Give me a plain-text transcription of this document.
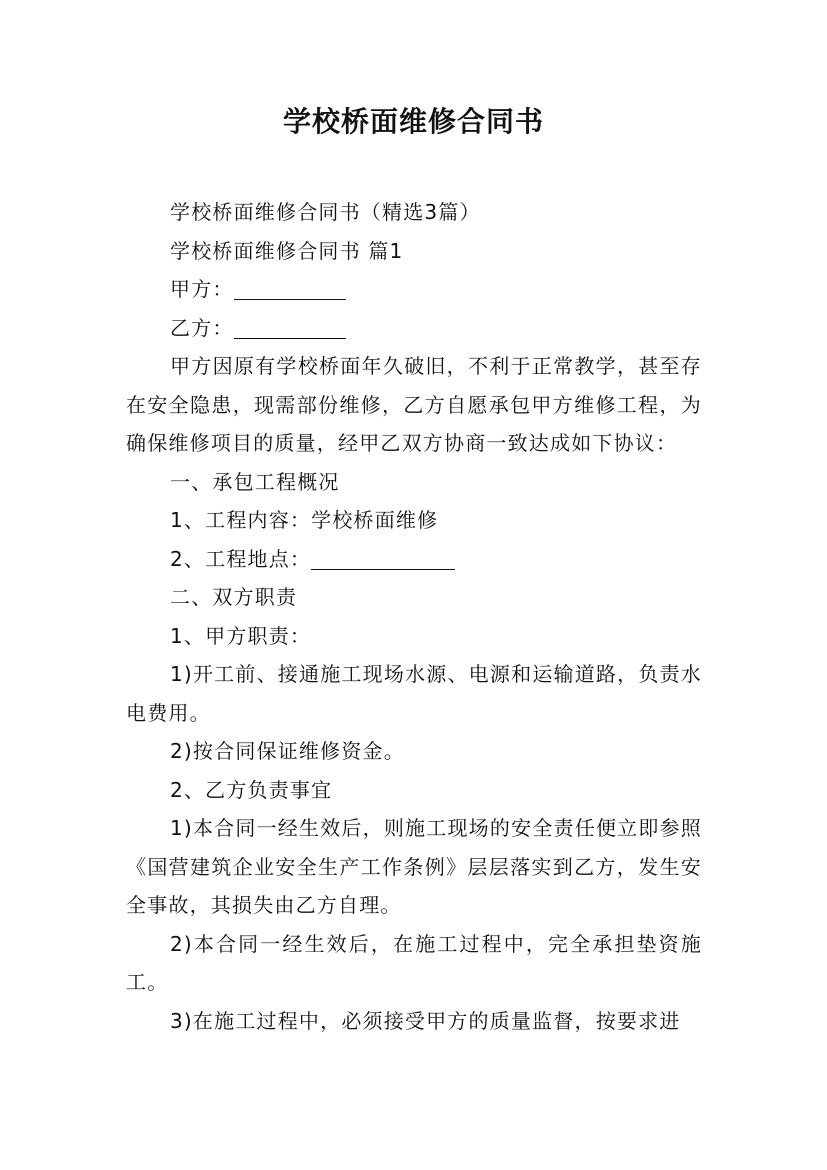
学校桥面维修合同书

学校桥面维修合同书（精选3篇）

学校桥面维修合同书 篇1

甲方：

乙方：

甲方因原有学校桥面年久破旧，不利于正常教学，甚至存在安全隐患，现需部份维修，乙方自愿承包甲方维修工程，为确保维修项目的质量，经甲乙双方协商一致达成如下协议：

一、承包工程概况

1、工程内容：学校桥面维修

2、工程地点：

二、双方职责

1、甲方职责：

1)开工前、接通施工现场水源、电源和运输道路，负责水电费用。

2)按合同保证维修资金。

2、乙方负责事宜

1)本合同一经生效后，则施工现场的安全责任便立即参照《国营建筑企业安全生产工作条例》层层落实到乙方，发生安全事故，其损失由乙方自理。

2)本合同一经生效后，在施工过程中，完全承担垫资施工。

3)在施工过程中，必须接受甲方的质量监督，按要求进
